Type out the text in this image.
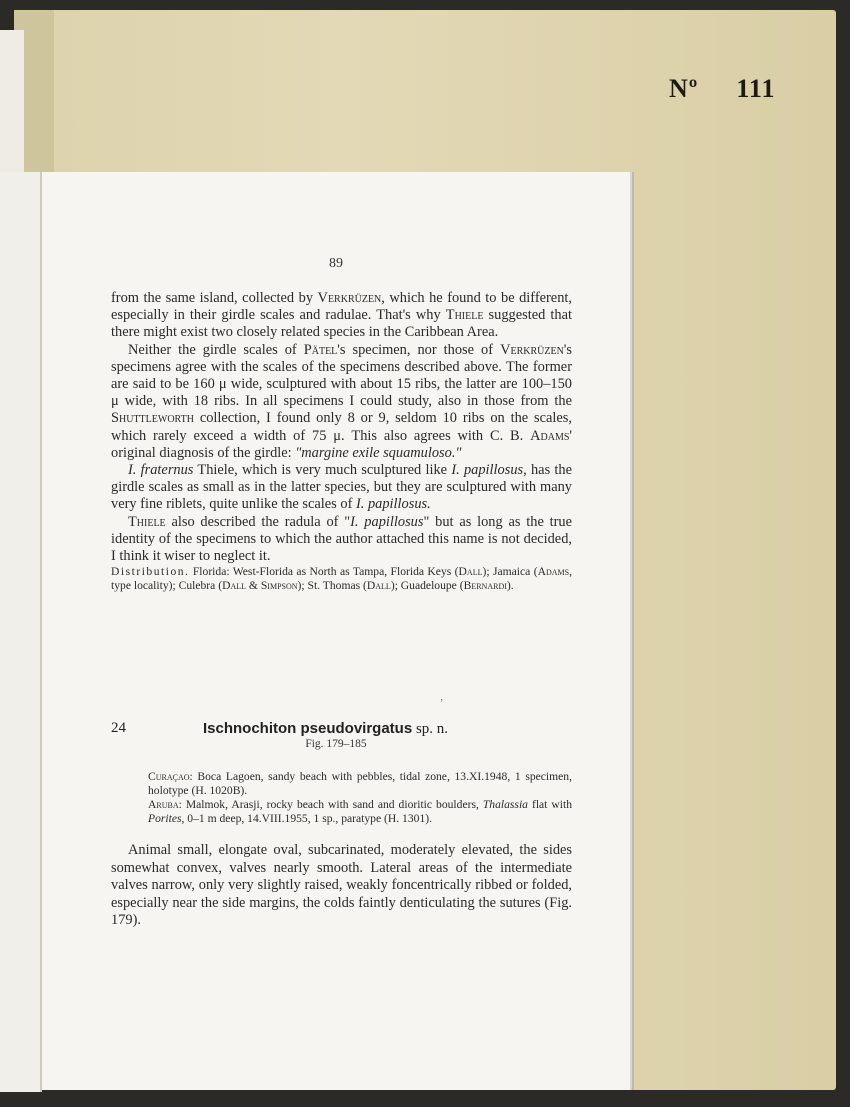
Nº 111
89

from the same island, collected by Verkrüzen, which he found to be different, especially in their girdle scales and radulae. That's why Thiele suggested that there might exist two closely related species in the Caribbean Area.

Neither the girdle scales of Pätel's specimen, nor those of Verkrüzen's specimens agree with the scales of the specimens described above. The former are said to be 160 μ wide, sculptured with about 15 ribs, the latter are 100–150 μ wide, with 18 ribs. In all specimens I could study, also in those from the Shuttleworth collection, I found only 8 or 9, seldom 10 ribs on the scales, which rarely exceed a width of 75 μ. This also agrees with C. B. Adams' original diagnosis of the girdle: "margine exile squamuloso."

I. fraternus Thiele, which is very much sculptured like I. papillosus, has the girdle scales as small as in the latter species, but they are sculptured with many very fine riblets, quite unlike the scales of I. papillosus.

Thiele also described the radula of "I. papillosus" but as long as the true identity of the specimens to which the author attached this name is not decided, I think it wiser to neglect it.

Distribution. Florida: West-Florida as North as Tampa, Florida Keys (Dall); Jamaica (Adams, type locality); Culebra (Dall & Simpson); St. Thomas (Dall); Guadeloupe (Bernardi).

ʼ
24	Ischnochiton pseudovirgatus sp. n.
Fig. 179–185

Curaçao: Boca Lagoen, sandy beach with pebbles, tidal zone, 13.XI.1948, 1 specimen, holotype (H. 1020B).

Aruba: Malmok, Arasji, rocky beach with sand and dioritic boulders, Thalassia flat with Porites, 0–1 m deep, 14.VIII.1955, 1 sp., paratype (H. 1301).

Animal small, elongate oval, subcarinated, moderately elevated, the sides somewhat convex, valves nearly smooth. Lateral areas of the intermediate valves narrow, only very slightly raised, weakly foncentrically ribbed or folded, especially near the side margins, the colds faintly denticulating the sutures (Fig. 179).
